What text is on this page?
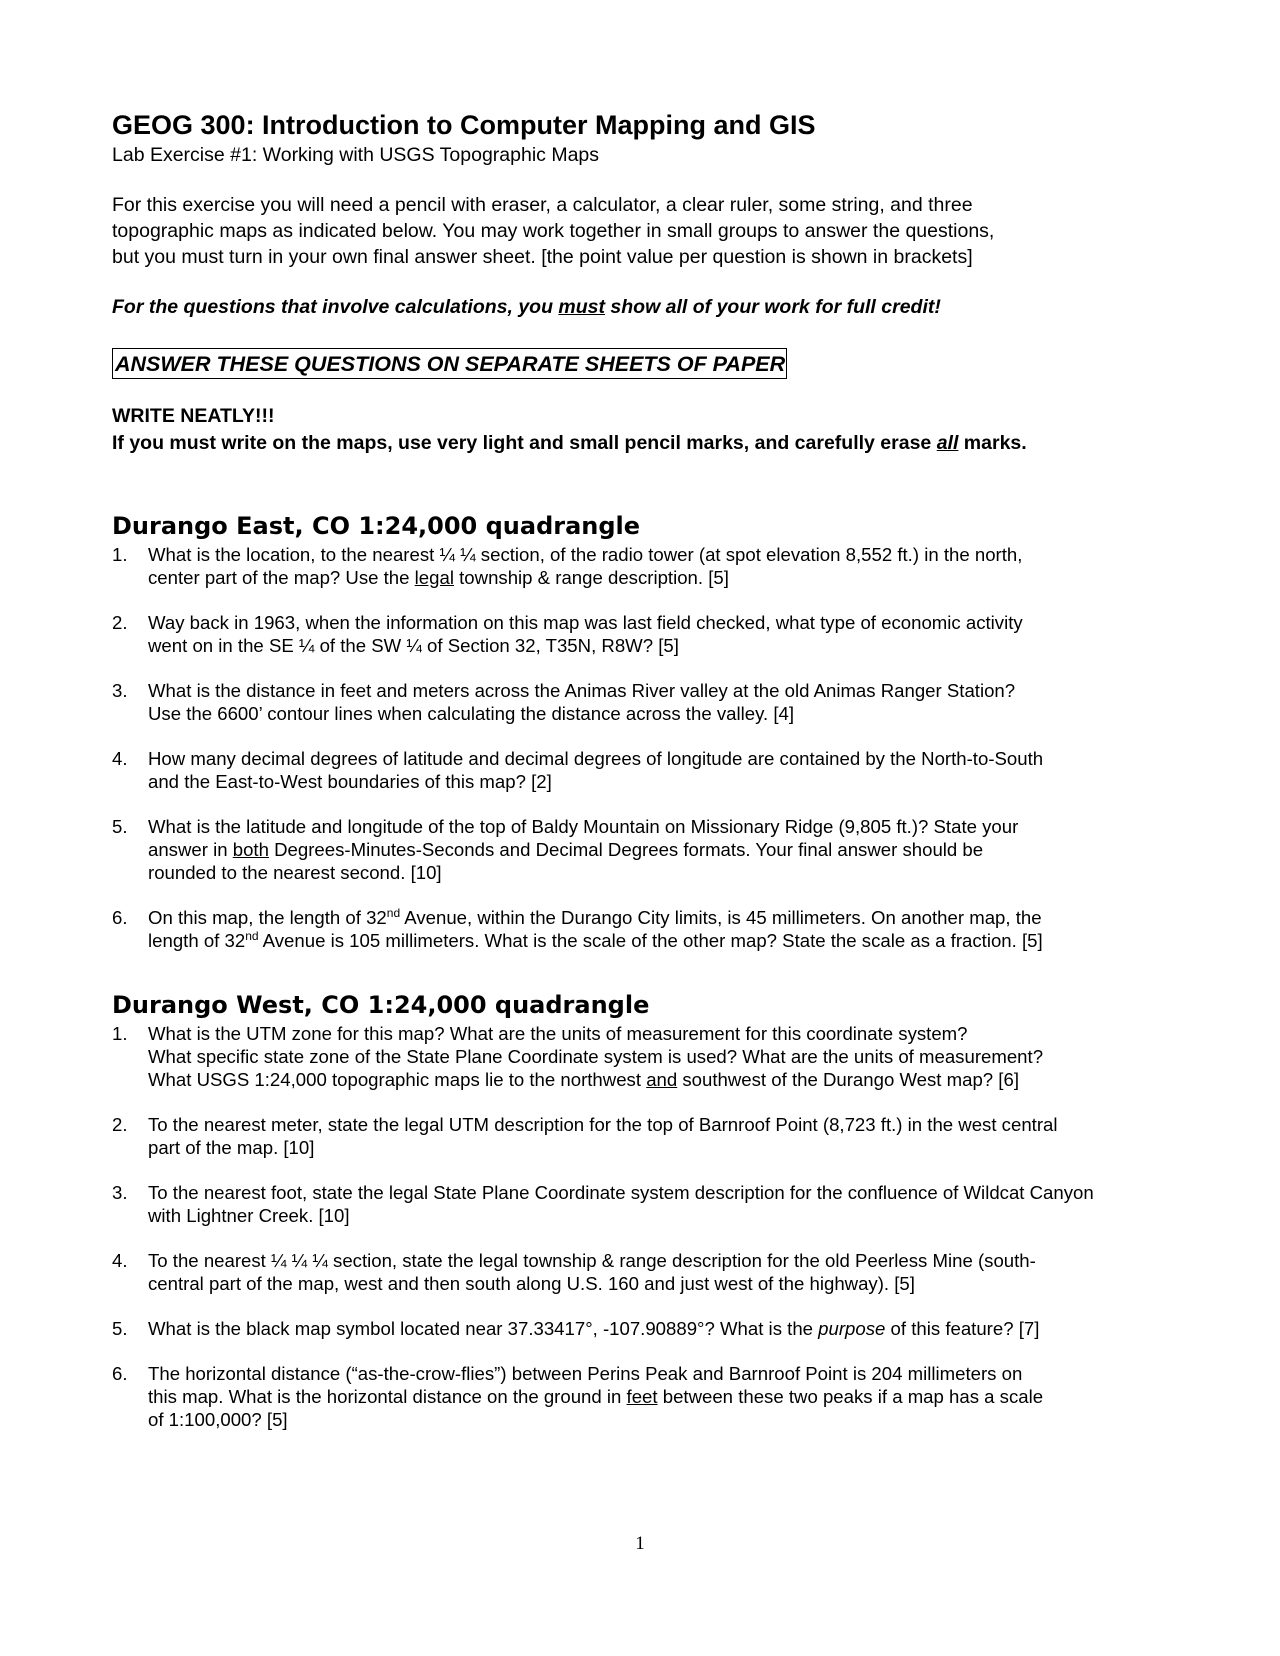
GEOG 300: Introduction to Computer Mapping and GIS

Lab Exercise #1: Working with USGS Topographic Maps

For this exercise you will need a pencil with eraser, a calculator, a clear ruler, some string, and three

topographic maps as indicated below. You may work together in small groups to answer the questions,

but you must turn in your own final answer sheet. [the point value per question is shown in brackets]

For the questions that involve calculations, you must show all of your work for full credit!

ANSWER THESE QUESTIONS ON SEPARATE SHEETS OF PAPER
WRITE NEATLY!!!
If you must write on the maps, use very light and small pencil marks, and carefully erase all marks.
Durango East, CO 1:24,000 quadrangle
1.	What is the location, to the nearest ¼ ¼ section, of the radio tower (at spot elevation 8,552 ft.) in the north,
center part of the map? Use the legal township & range description. [5]
2.	Way back in 1963, when the information on this map was last field checked, what type of economic activity
went on in the SE ¼ of the SW ¼ of Section 32, T35N, R8W? [5]
3.	What is the distance in feet and meters across the Animas River valley at the old Animas Ranger Station?
Use the 6600’ contour lines when calculating the distance across the valley. [4]
4.	How many decimal degrees of latitude and decimal degrees of longitude are contained by the North-to-South
and the East-to-West boundaries of this map? [2]
5.	What is the latitude and longitude of the top of Baldy Mountain on Missionary Ridge (9,805 ft.)? State your
answer in both Degrees-Minutes-Seconds and Decimal Degrees formats. Your final answer should be
rounded to the nearest second. [10]
6.	On this map, the length of 32nd Avenue, within the Durango City limits, is 45 millimeters. On another map, the
length of 32nd Avenue is 105 millimeters. What is the scale of the other map? State the scale as a fraction. [5]
Durango West, CO 1:24,000 quadrangle
1.	What is the UTM zone for this map? What are the units of measurement for this coordinate system?
What specific state zone of the State Plane Coordinate system is used? What are the units of measurement?
What USGS 1:24,000 topographic maps lie to the northwest and southwest of the Durango West map? [6]
2.	To the nearest meter, state the legal UTM description for the top of Barnroof Point (8,723 ft.) in the west central
part of the map. [10]
3.	To the nearest foot, state the legal State Plane Coordinate system description for the confluence of Wildcat Canyon
with Lightner Creek. [10]
4.	To the nearest ¼ ¼ ¼ section, state the legal township & range description for the old Peerless Mine (south-
central part of the map, west and then south along U.S. 160 and just west of the highway). [5]
5.	What is the black map symbol located near 37.33417°, -107.90889°? What is the purpose of this feature? [7]
6.	The horizontal distance (“as-the-crow-flies”) between Perins Peak and Barnroof Point is 204 millimeters on
this map. What is the horizontal distance on the ground in feet between these two peaks if a map has a scale
of 1:100,000? [5]
1
